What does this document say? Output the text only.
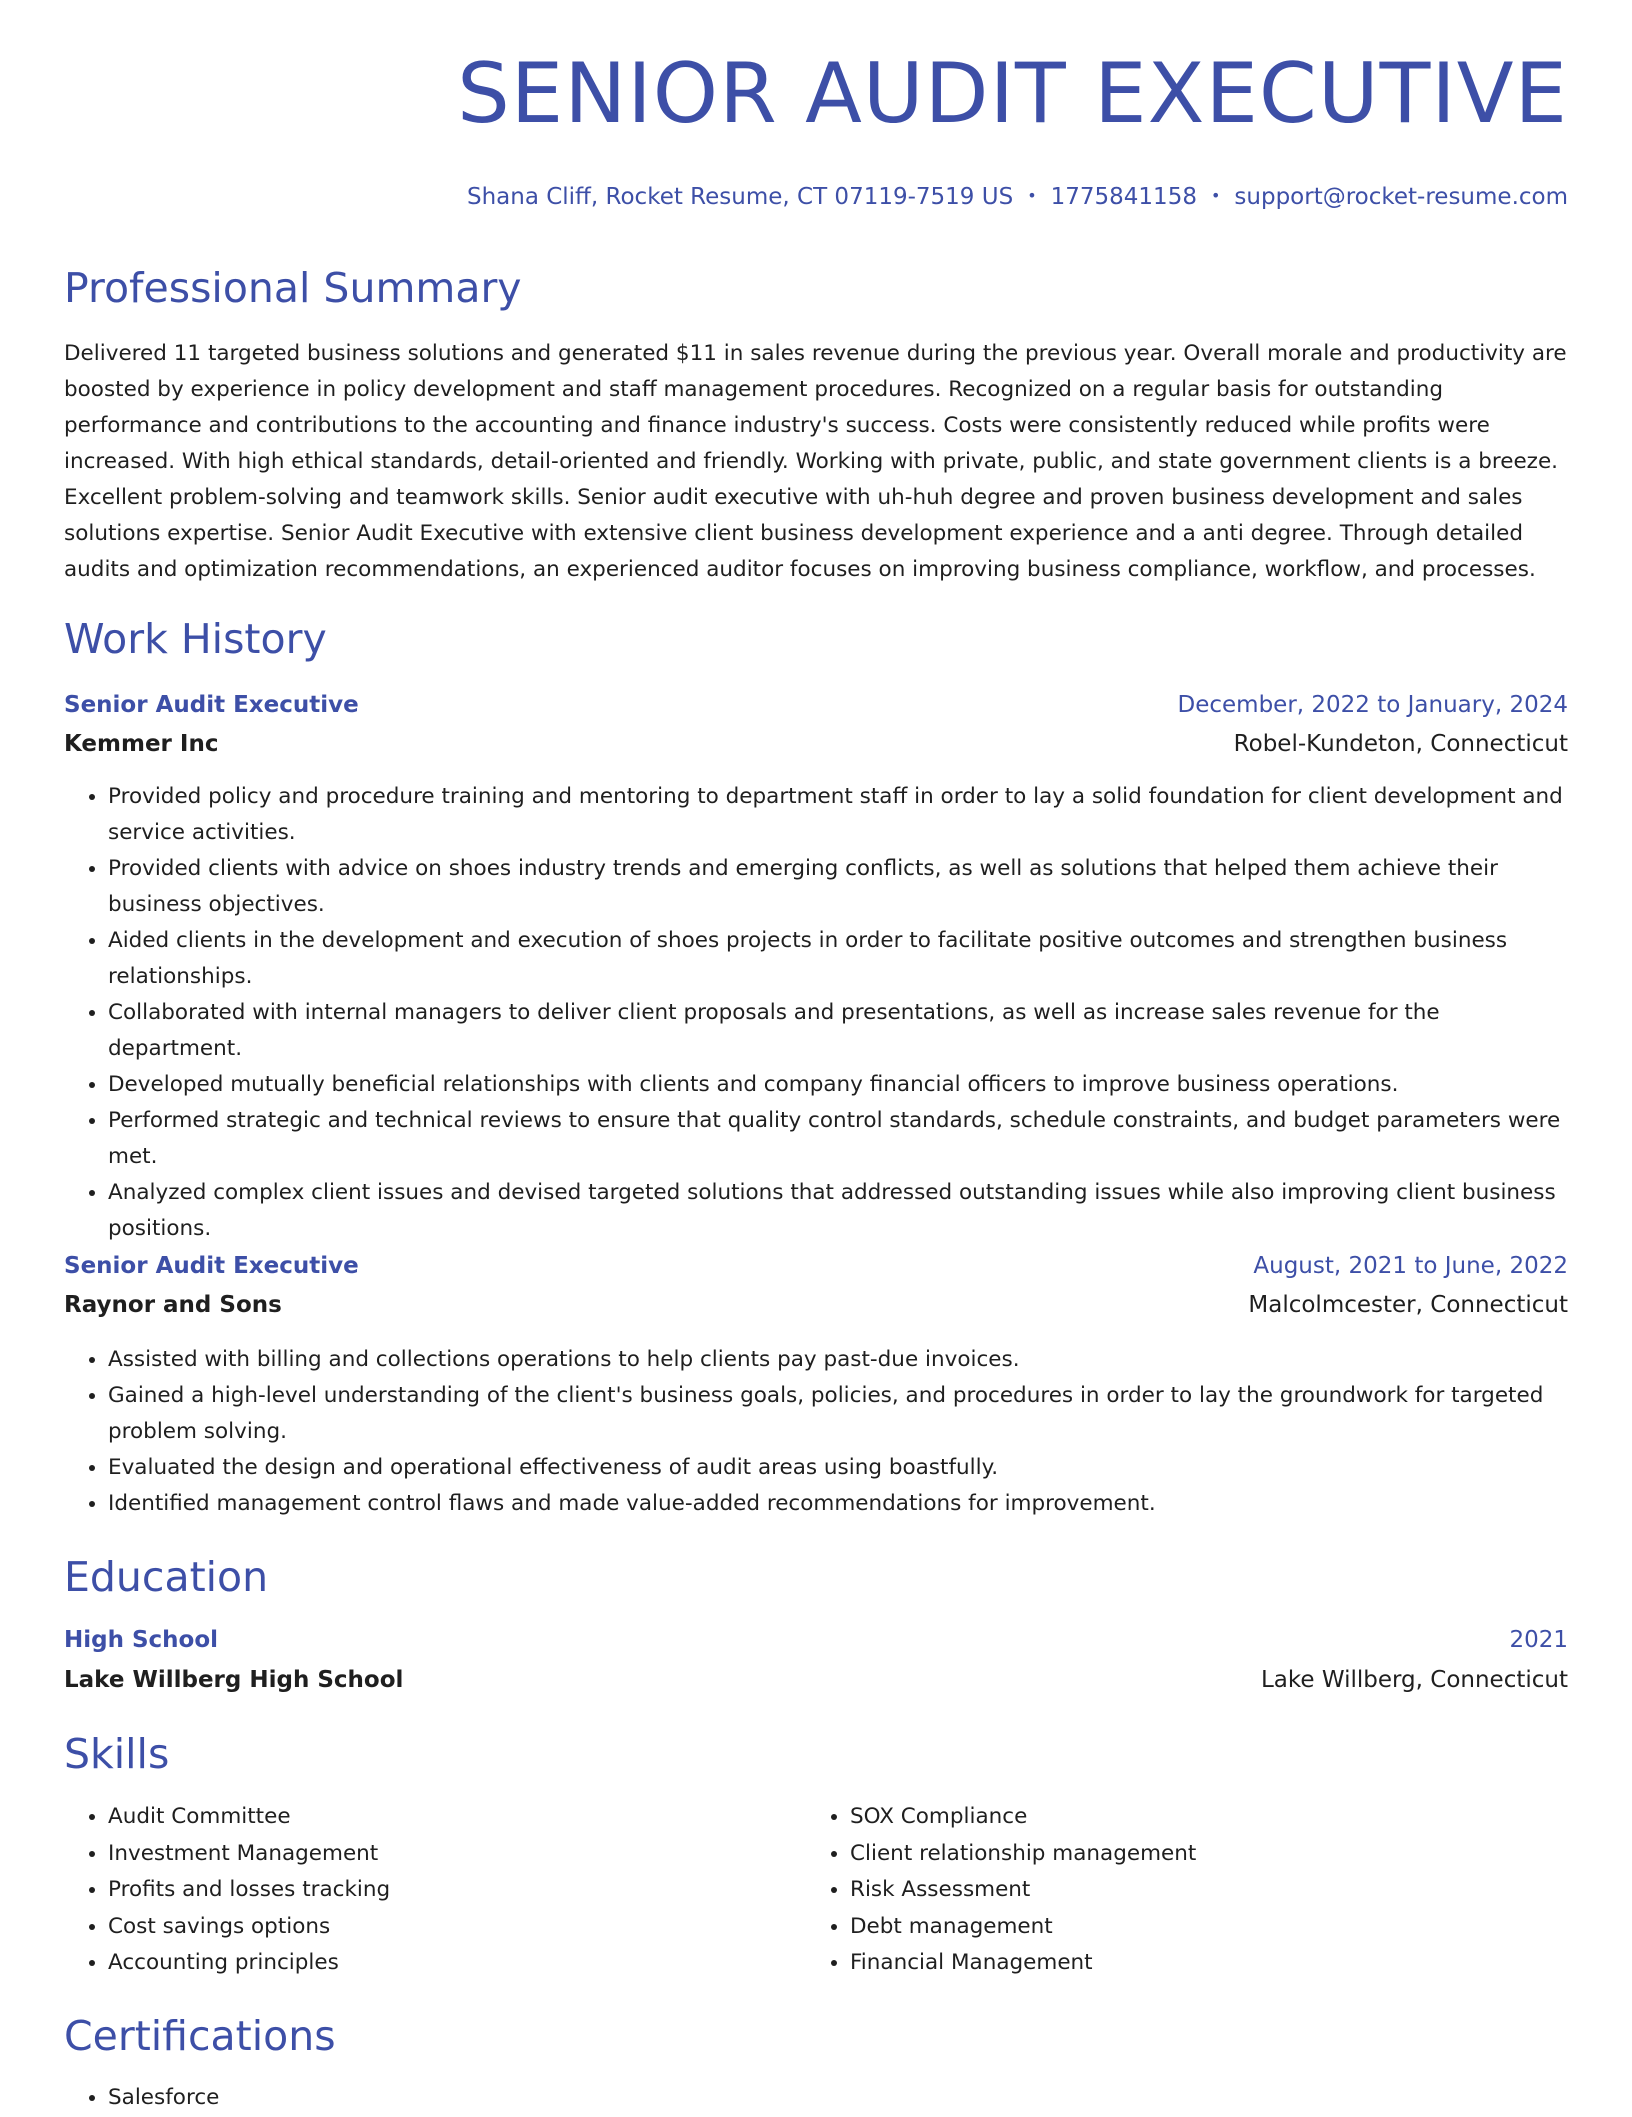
SENIOR AUDIT EXECUTIVE
Shana Cliff, Rocket Resume, CT 07119-7519 US • 1775841158 • support@rocket-resume.com
Professional Summary

Delivered 11 targeted business solutions and generated $11 in sales revenue during the previous year. Overall morale and productivity are boosted by experience in policy development and staff management procedures. Recognized on a regular basis for outstanding performance and contributions to the accounting and finance industry's success. Costs were consistently reduced while profits were increased. With high ethical standards, detail-oriented and friendly. Working with private, public, and state government clients is a breeze. Excellent problem-solving and teamwork skills. Senior audit executive with uh-huh degree and proven business development and sales solutions expertise. Senior Audit Executive with extensive client business development experience and a anti degree. Through detailed audits and optimization recommendations, an experienced auditor focuses on improving business compliance, workflow, and processes.

Work History
Senior Audit Executive	December, 2022 to January, 2024
Kemmer Inc	Robel-Kundeton, Connecticut
• Provided policy and procedure training and mentoring to department staff in order to lay a solid foundation for client development and service activities.
• Provided clients with advice on shoes industry trends and emerging conflicts, as well as solutions that helped them achieve their business objectives.
• Aided clients in the development and execution of shoes projects in order to facilitate positive outcomes and strengthen business relationships.
• Collaborated with internal managers to deliver client proposals and presentations, as well as increase sales revenue for the department.
• Developed mutually beneficial relationships with clients and company financial officers to improve business operations.
• Performed strategic and technical reviews to ensure that quality control standards, schedule constraints, and budget parameters were met.
• Analyzed complex client issues and devised targeted solutions that addressed outstanding issues while also improving client business positions.
Senior Audit Executive	August, 2021 to June, 2022
Raynor and Sons	Malcolmcester, Connecticut
• Assisted with billing and collections operations to help clients pay past-due invoices.
• Gained a high-level understanding of the client's business goals, policies, and procedures in order to lay the groundwork for targeted problem solving.
• Evaluated the design and operational effectiveness of audit areas using boastfully.
• Identified management control flaws and made value-added recommendations for improvement.
Education
High School	2021
Lake Willberg High School	Lake Willberg, Connecticut
Skills
• Audit Committee
• Investment Management
• Profits and losses tracking
• Cost savings options
• Accounting principles
• SOX Compliance
• Client relationship management
• Risk Assessment
• Debt management
• Financial Management
Certifications
• Salesforce
